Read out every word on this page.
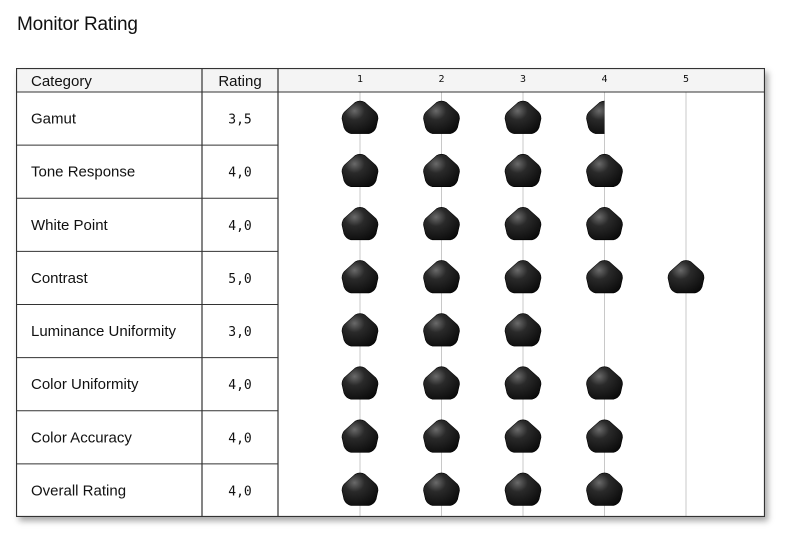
Monitor Rating
1	2	3	4	5
Category	Rating
Gamut	3,5
Tone Response	4,0
White Point	4,0
Contrast	5,0
Luminance Uniformity	3,0
Color Uniformity	4,0
Color Accuracy	4,0
Overall Rating	4,0
